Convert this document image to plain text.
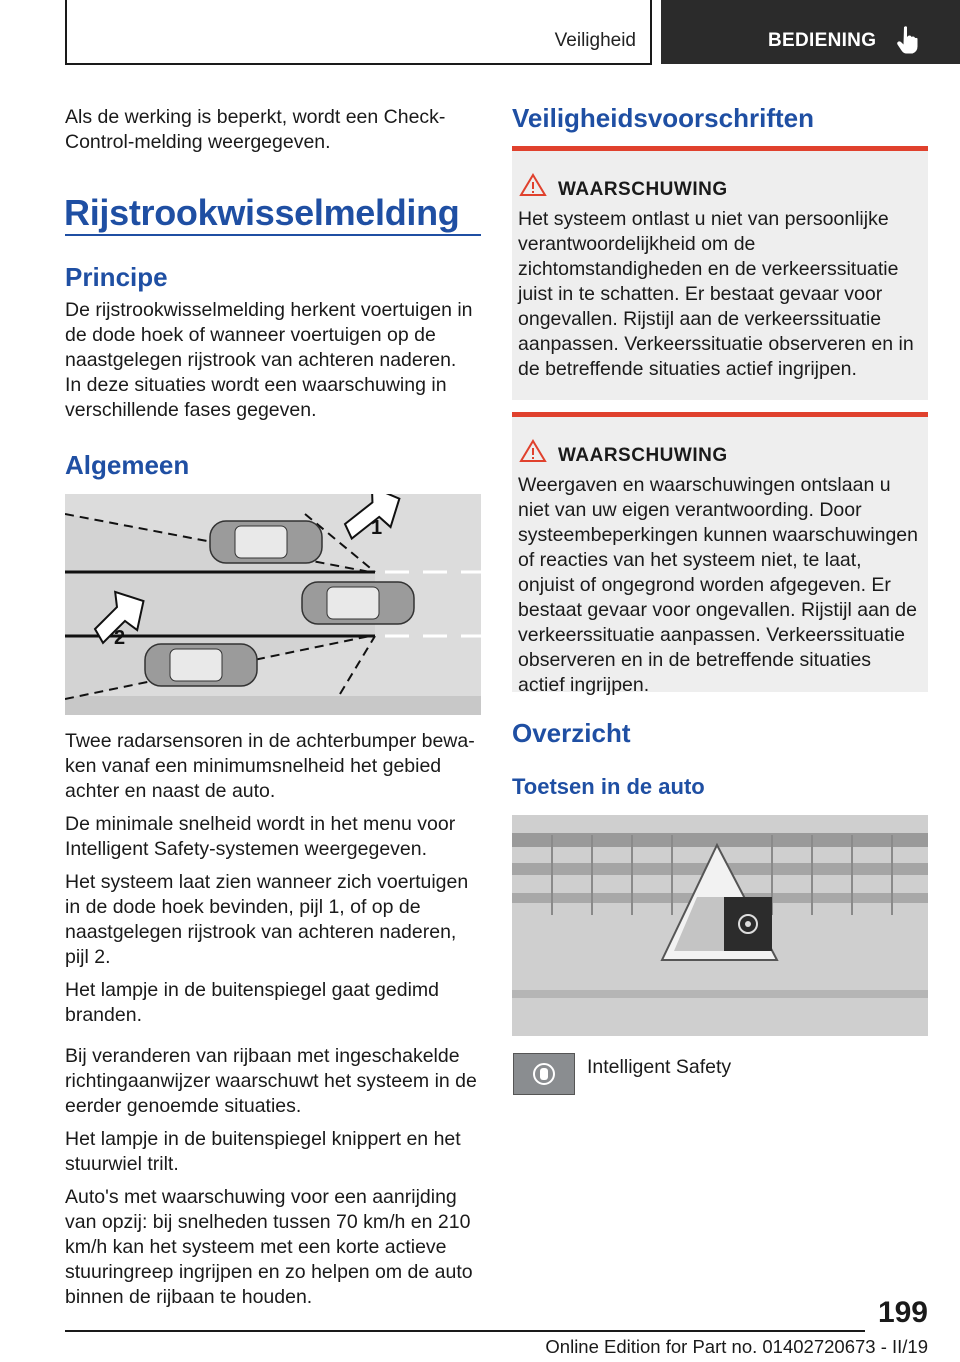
Veiligheid	BEDIENING
Als de werking is beperkt, wordt een Check-Control-melding weergegeven.
Rijstrookwisselmelding
Principe
De rijstrookwisselmelding herkent voertuigen in de dode hoek of wanneer voertuigen op de naastgelegen rijstrook van achteren naderen. In deze situaties wordt een waarschuwing in verschillende fases gegeven.
Algemeen
1
2

Twee radarsensoren in de achterbumper bewaken vanaf een minimumsnelheid het gebied achter en naast de auto.

De minimale snelheid wordt in het menu voor Intelligent Safety-systemen weergegeven.

Het systeem laat zien wanneer zich voertuigen in de dode hoek bevinden, pijl 1, of op de naastgelegen rijstrook van achteren naderen, pijl 2.

Het lampje in de buitenspiegel gaat gedimd branden.

Bij veranderen van rijbaan met ingeschakelde richtingaanwijzer waarschuwt het systeem in de eerder genoemde situaties.

Het lampje in de buitenspiegel knippert en het stuurwiel trilt.

Auto's met waarschuwing voor een aanrijding van opzij: bij snelheden tussen 70 km/h en 210 km/h kan het systeem met een korte actieve stuuringreep ingrijpen en zo helpen om de auto binnen de rijbaan te houden.

Veiligheidsvoorschriften
WAARSCHUWING
Het systeem ontlast u niet van persoonlijke verantwoordelijkheid om de zichtomstandigheden en de verkeerssituatie juist in te schatten. Er bestaat gevaar voor ongevallen. Rijstijl aan de verkeerssituatie aanpassen. Verkeerssituatie observeren en in de betreffende situaties actief ingrijpen.
WAARSCHUWING
Weergaven en waarschuwingen ontslaan u niet van uw eigen verantwoording. Door systeembeperkingen kunnen waarschuwingen of reacties van het systeem niet, te laat, onjuist of ongegrond worden afgegeven. Er bestaat gevaar voor ongevallen. Rijstijl aan de verkeerssituatie aanpassen. Verkeerssituatie observeren en in de betreffende situaties actief ingrijpen.
Overzicht
Toetsen in de auto
Intelligent Safety
199
Online Edition for Part no. 01402720673 - II/19
